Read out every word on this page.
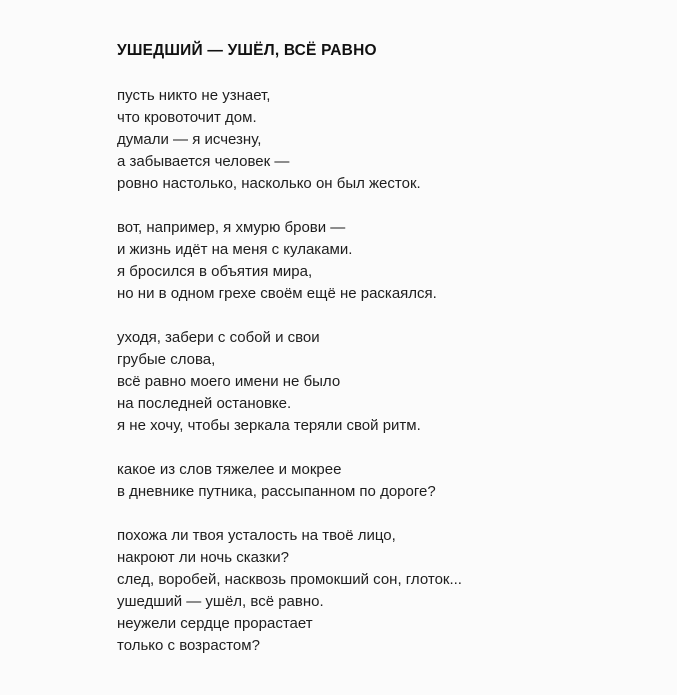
УШЕДШИЙ — УШЁЛ, ВСЁ РАВНО
пусть никто не узнает,
что кровоточит дом.
думали — я исчезну,
а забывается человек —
ровно настолько, насколько он был жесток.
вот, например, я хмурю брови —
и жизнь идёт на меня с кулаками.
я бросился в объятия мира,
но ни в одном грехе своём ещё не раскаялся.
уходя, забери с собой и свои
грубые слова,
всё равно моего имени не было
на последней остановке.
я не хочу, чтобы зеркала теряли свой ритм.
какое из слов тяжелее и мокрее
в дневнике путника, рассыпанном по дороге?
похожа ли твоя усталость на твоё лицо,
накроют ли ночь сказки?
след, воробей, насквозь промокший сон, глоток...
ушедший — ушёл, всё равно.
неужели сердце прорастает
только с возрастом?
